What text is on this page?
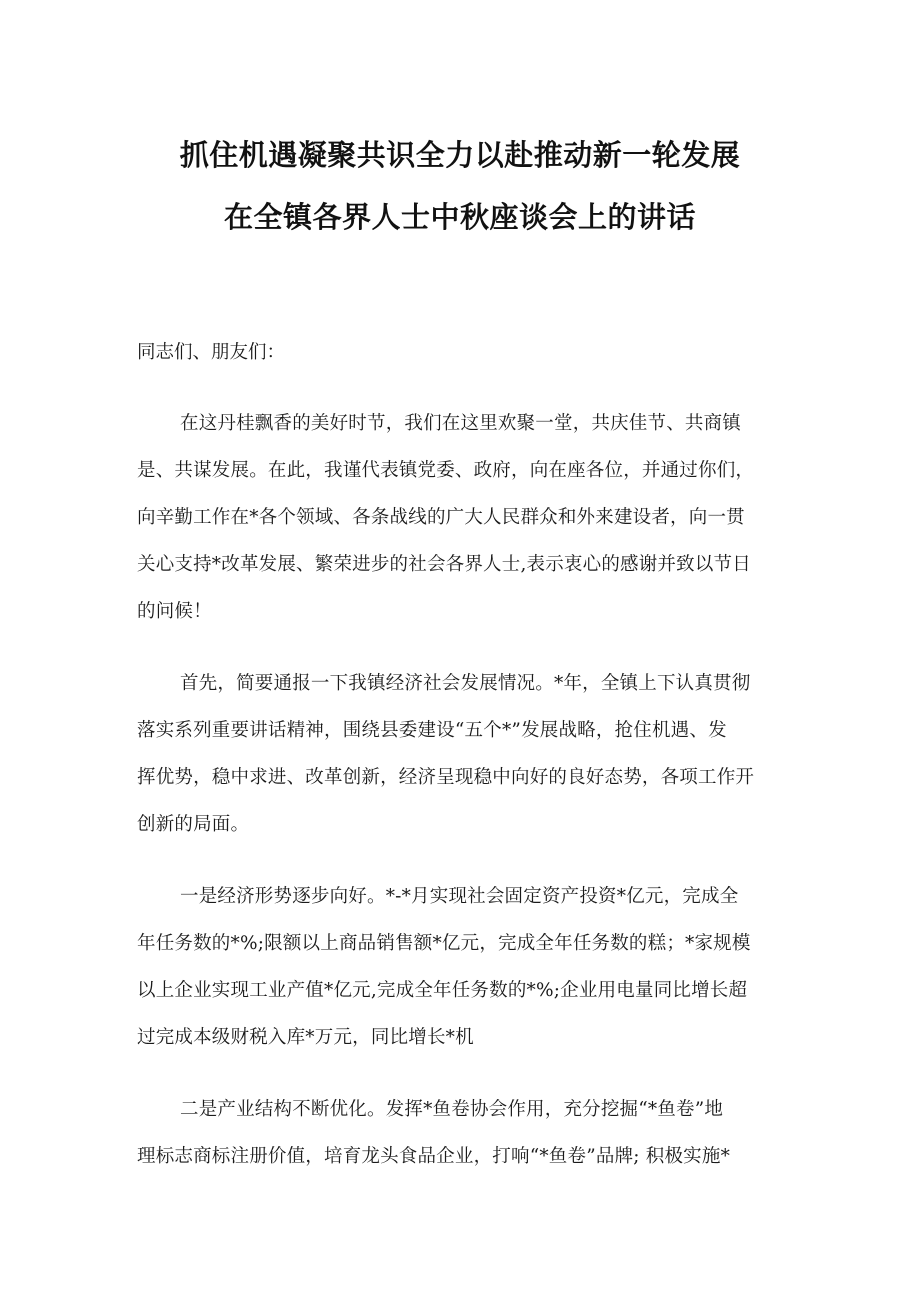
抓住机遇凝聚共识全力以赴推动新一轮发展
在全镇各界人士中秋座谈会上的讲话
同志们、朋友们：
在这丹桂飘香的美好时节，我们在这里欢聚一堂，共庆佳节、共商镇
是、共谋发展。在此，我谨代表镇党委、政府，向在座各位，并通过你们，
向辛勤工作在*各个领域、各条战线的广大人民群众和外来建设者，向一贯
关心支持*改革发展、繁荣进步的社会各界人士,表示衷心的感谢并致以节日
的问候！
首先，简要通报一下我镇经济社会发展情况。*年，全镇上下认真贯彻
落实系列重要讲话精神，围绕县委建设“五个*”发展战略，抢住机遇、发
挥优势，稳中求进、改革创新，经济呈现稳中向好的良好态势，各项工作开
创新的局面。
一是经济形势逐步向好。*-*月实现社会固定资产投资*亿元，完成全
年任务数的*%;限额以上商品销售额*亿元，完成全年任务数的糕；*家规模
以上企业实现工业产值*亿元,完成全年任务数的*%;企业用电量同比增长超
过完成本级财税入库*万元，同比增长*机
二是产业结构不断优化。发挥*鱼卷协会作用，充分挖掘“*鱼卷”地
理标志商标注册价值，培育龙头食品企业，打响“*鱼卷”品牌; 积极实施*
